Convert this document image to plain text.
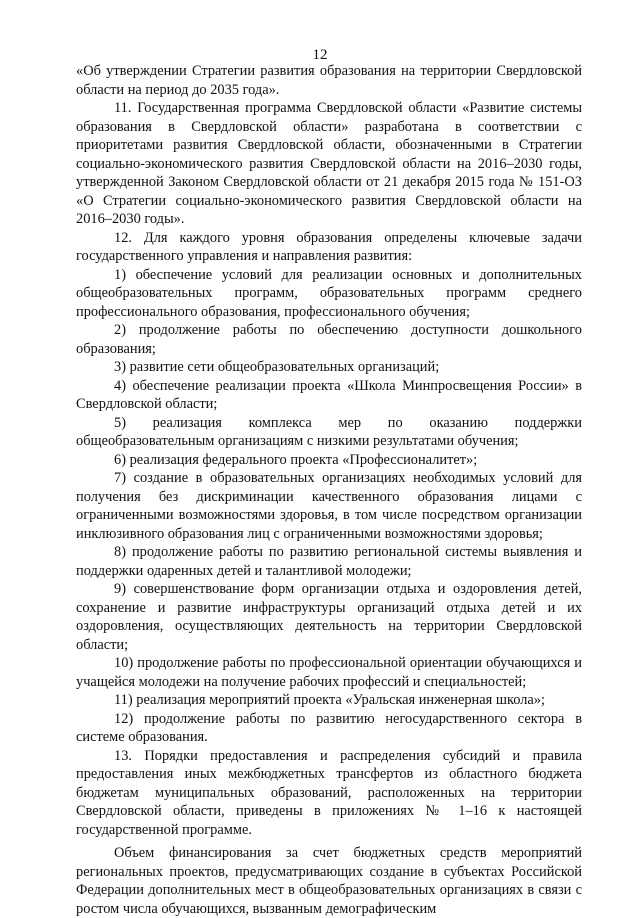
12

«Об утверждении Стратегии развития образования на территории Свердловской области на период до 2035 года».

11. Государственная программа Свердловской области «Развитие системы образования в Свердловской области» разработана в соответствии с приоритетами развития Свердловской области, обозначенными в Стратегии социально-экономического развития Свердловской области на 2016–2030 годы, утвержденной Законом Свердловской области от 21 декабря 2015 года № 151-ОЗ «О Стратегии социально-экономического развития Свердловской области на 2016–2030 годы».

12. Для каждого уровня образования определены ключевые задачи государственного управления и направления развития:

1) обеспечение условий для реализации основных и дополнительных общеобразовательных программ, образовательных программ среднего профессионального образования, профессионального обучения;

2) продолжение работы по обеспечению доступности дошкольного образования;

3) развитие сети общеобразовательных организаций;

4) обеспечение реализации проекта «Школа Минпросвещения России» в Свердловской области;

5) реализация комплекса мер по оказанию поддержки общеобразовательным организациям с низкими результатами обучения;

6) реализация федерального проекта «Профессионалитет»;

7) создание в образовательных организациях необходимых условий для получения без дискриминации качественного образования лицами с ограниченными возможностями здоровья, в том числе посредством организации инклюзивного образования лиц с ограниченными возможностями здоровья;

8) продолжение работы по развитию региональной системы выявления и поддержки одаренных детей и талантливой молодежи;

9) совершенствование форм организации отдыха и оздоровления детей, сохранение и развитие инфраструктуры организаций отдыха детей и их оздоровления, осуществляющих деятельность на территории Свердловской области;

10) продолжение работы по профессиональной ориентации обучающихся и учащейся молодежи на получение рабочих профессий и специальностей;

11) реализация мероприятий проекта «Уральская инженерная школа»;

12) продолжение работы по развитию негосударственного сектора в системе образования.

13. Порядки предоставления и распределения субсидий и правила предоставления иных межбюджетных трансфертов из областного бюджета бюджетам муниципальных образований, расположенных на территории Свердловской области, приведены в приложениях № 1–16 к настоящей государственной программе.

Объем финансирования за счет бюджетных средств мероприятий региональных проектов, предусматривающих создание в субъектах Российской Федерации дополнительных мест в общеобразовательных организациях в связи с ростом числа обучающихся, вызванным демографическим
